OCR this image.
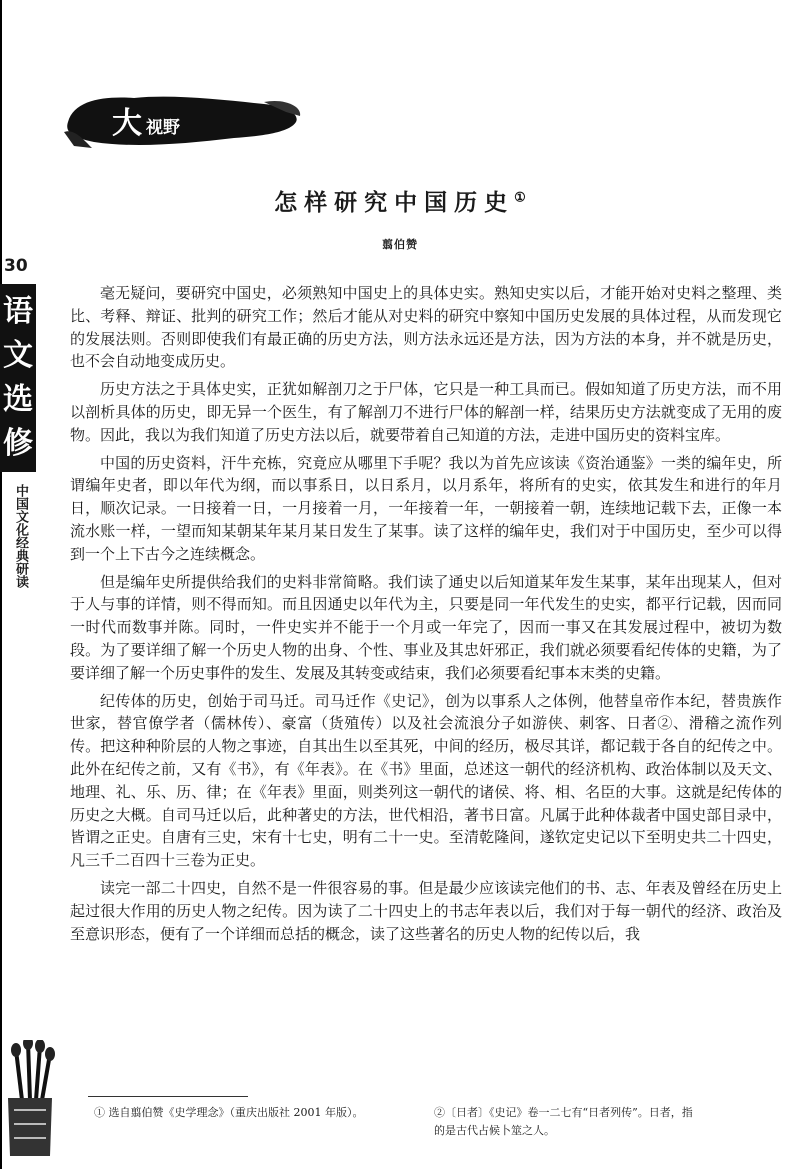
30
语
文
选
修
中国文化经典研读
大 视野
怎样研究中国历史①
翦伯赞

毫无疑问，要研究中国史，必须熟知中国史上的具体史实。熟知史实以后，才能开始对史料之整理、类比、考释、辩证、批判的研究工作；然后才能从对史料的研究中察知中国历史发展的具体过程，从而发现它的发展法则。否则即使我们有最正确的历史方法，则方法永远还是方法，因为方法的本身，并不就是历史，也不会自动地变成历史。

历史方法之于具体史实，正犹如解剖刀之于尸体，它只是一种工具而已。假如知道了历史方法，而不用以剖析具体的历史，即无异一个医生，有了解剖刀不进行尸体的解剖一样，结果历史方法就变成了无用的废物。因此，我以为我们知道了历史方法以后，就要带着自己知道的方法，走进中国历史的资料宝库。

中国的历史资料，汗牛充栋，究竟应从哪里下手呢？我以为首先应该读《资治通鉴》一类的编年史，所谓编年史者，即以年代为纲，而以事系日，以日系月，以月系年，将所有的史实，依其发生和进行的年月日，顺次记录。一日接着一日，一月接着一月，一年接着一年，一朝接着一朝，连续地记载下去，正像一本流水账一样，一望而知某朝某年某月某日发生了某事。读了这样的编年史，我们对于中国历史，至少可以得到一个上下古今之连续概念。

但是编年史所提供给我们的史料非常简略。我们读了通史以后知道某年发生某事，某年出现某人，但对于人与事的详情，则不得而知。而且因通史以年代为主，只要是同一年代发生的史实，都平行记载，因而同一时代而数事并陈。同时，一件史实并不能于一个月或一年完了，因而一事又在其发展过程中，被切为数段。为了要详细了解一个历史人物的出身、个性、事业及其忠奸邪正，我们就必须要看纪传体的史籍，为了要详细了解一个历史事件的发生、发展及其转变或结束，我们必须要看纪事本末类的史籍。

纪传体的历史，创始于司马迁。司马迁作《史记》，创为以事系人之体例，他替皇帝作本纪，替贵族作世家，替官僚学者（儒林传）、豪富（货殖传）以及社会流浪分子如游侠、刺客、日者②、滑稽之流作列传。把这种种阶层的人物之事迹，自其出生以至其死，中间的经历，极尽其详，都记载于各自的纪传之中。此外在纪传之前，又有《书》，有《年表》。在《书》里面，总述这一朝代的经济机构、政治体制以及天文、地理、礼、乐、历、律；在《年表》里面，则类列这一朝代的诸侯、将、相、名臣的大事。这就是纪传体的历史之大概。自司马迁以后，此种著史的方法，世代相沿，著书日富。凡属于此种体裁者中国史部目录中，皆谓之正史。自唐有三史，宋有十七史，明有二十一史。至清乾隆间，遂钦定史记以下至明史共二十四史，凡三千二百四十三卷为正史。

读完一部二十四史，自然不是一件很容易的事。但是最少应该读完他们的书、志、年表及曾经在历史上起过很大作用的历史人物之纪传。因为读了二十四史上的书志年表以后，我们对于每一朝代的经济、政治及至意识形态，便有了一个详细而总括的概念，读了这些著名的历史人物的纪传以后，我

① 选自翦伯赞《史学理念》（重庆出版社 2001 年版）。	②〔日者〕《史记》卷一二七有“日者列传”。日者，指
的是古代占候卜筮之人。
